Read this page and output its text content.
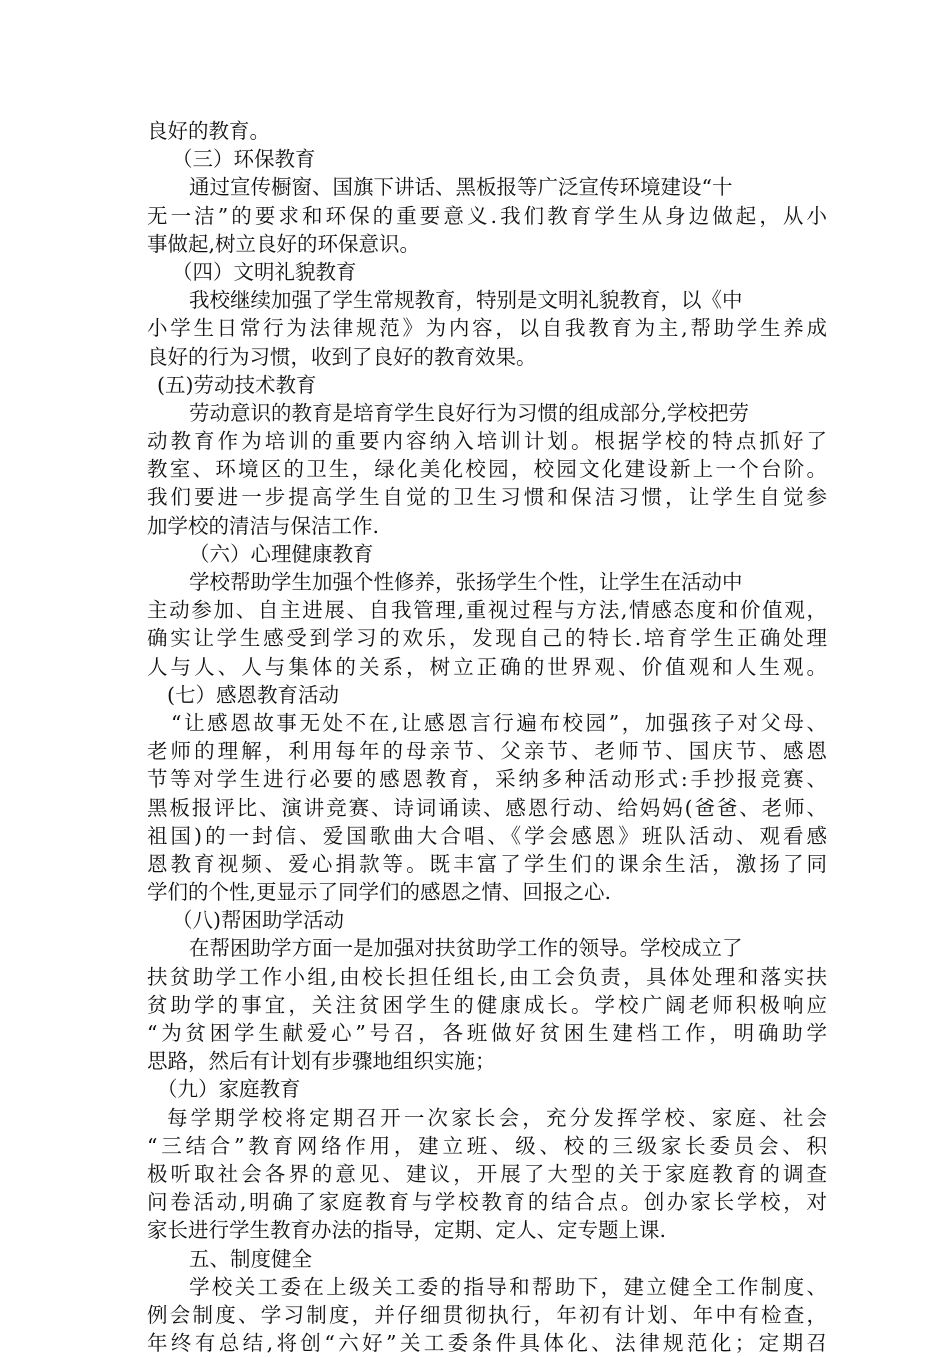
良好的教育。
（三）环保教育
通过宣传橱窗、国旗下讲话、黑板报等广泛宣传环境建设“十
无一洁”的要求和环保的重要意义.我们教育学生从身边做起，从小
事做起,树立良好的环保意识。
（四）文明礼貌教育
我校继续加强了学生常规教育，特别是文明礼貌教育，以《中
小学生日常行为法律规范》为内容，以自我教育为主,帮助学生养成
良好的行为习惯，收到了良好的教育效果。
(五)劳动技术教育
劳动意识的教育是培育学生良好行为习惯的组成部分,学校把劳
动教育作为培训的重要内容纳入培训计划。根据学校的特点抓好了
教室、环境区的卫生，绿化美化校园，校园文化建设新上一个台阶。
我们要进一步提高学生自觉的卫生习惯和保洁习惯，让学生自觉参
加学校的清洁与保洁工作.
（六）心理健康教育
学校帮助学生加强个性修养，张扬学生个性，让学生在活动中
主动参加、自主进展、自我管理,重视过程与方法,情感态度和价值观，
确实让学生感受到学习的欢乐，发现自己的特长.培育学生正确处理
人与人、人与集体的关系，树立正确的世界观、价值观和人生观。
(七）感恩教育活动
“让感恩故事无处不在,让感恩言行遍布校园”，加强孩子对父母、
老师的理解，利用每年的母亲节、父亲节、老师节、国庆节、感恩
节等对学生进行必要的感恩教育，采纳多种活动形式:手抄报竞赛、
黑板报评比、演讲竞赛、诗词诵读、感恩行动、给妈妈(爸爸、老师、
祖国)的一封信、爱国歌曲大合唱、《学会感恩》班队活动、观看感
恩教育视频、爱心捐款等。既丰富了学生们的课余生活，激扬了同
学们的个性,更显示了同学们的感恩之情、回报之心.
（八)帮困助学活动
在帮困助学方面一是加强对扶贫助学工作的领导。学校成立了
扶贫助学工作小组,由校长担任组长,由工会负责，具体处理和落实扶
贫助学的事宜，关注贫困学生的健康成长。学校广阔老师积极响应
“为贫困学生献爱心”号召，各班做好贫困生建档工作，明确助学
思路，然后有计划有步骤地组织实施；
（九）家庭教育
每学期学校将定期召开一次家长会，充分发挥学校、家庭、社会
“三结合”教育网络作用，建立班、级、校的三级家长委员会、积
极听取社会各界的意见、建议，开展了大型的关于家庭教育的调查
问卷活动,明确了家庭教育与学校教育的结合点。创办家长学校，对
家长进行学生教育办法的指导，定期、定人、定专题上课.
五、制度健全
学校关工委在上级关工委的指导和帮助下，建立健全工作制度、
例会制度、学习制度，并仔细贯彻执行，年初有计划、年中有检查，
年终有总结,将创“六好”关工委条件具体化、法律规范化；定期召
